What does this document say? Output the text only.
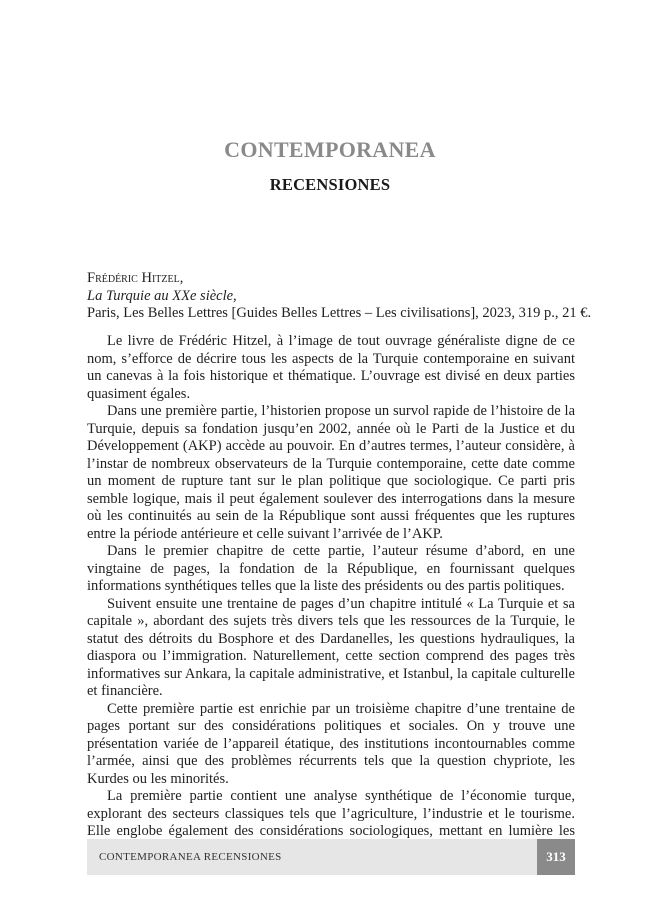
CONTEMPORANEA
RECENSIONES
Frédéric Hitzel,
La Turquie au XXe siècle,
Paris, Les Belles Lettres [Guides Belles Lettres – Les civilisations], 2023, 319 p., 21 €.

Le livre de Frédéric Hitzel, à l’image de tout ouvrage généraliste digne de ce nom, s’efforce de décrire tous les aspects de la Turquie contemporaine en suivant un canevas à la fois historique et thématique. L’ouvrage est divisé en deux parties quasiment égales.

Dans une première partie, l’historien propose un survol rapide de l’histoire de la Turquie, depuis sa fondation jusqu’en 2002, année où le Parti de la Justice et du Développement (AKP) accède au pouvoir. En d’autres termes, l’auteur considère, à l’instar de nombreux observateurs de la Turquie contemporaine, cette date comme un moment de rupture tant sur le plan politique que sociologique. Ce parti pris semble logique, mais il peut également soulever des interrogations dans la mesure où les continuités au sein de la République sont aussi fréquentes que les ruptures entre la période antérieure et celle suivant l’arrivée de l’AKP.

Dans le premier chapitre de cette partie, l’auteur résume d’abord, en une vingtaine de pages, la fondation de la République, en fournissant quelques informations synthétiques telles que la liste des présidents ou des partis politiques.

Suivent ensuite une trentaine de pages d’un chapitre intitulé « La Turquie et sa capitale », abordant des sujets très divers tels que les ressources de la Turquie, le statut des détroits du Bosphore et des Dardanelles, les questions hydrauliques, la diaspora ou l’immigration. Naturellement, cette section comprend des pages très informatives sur Ankara, la capitale administrative, et Istanbul, la capitale culturelle et financière.

Cette première partie est enrichie par un troisième chapitre d’une trentaine de pages portant sur des considérations politiques et sociales. On y trouve une présentation variée de l’appareil étatique, des institutions incontournables comme l’armée, ainsi que des problèmes récurrents tels que la question chypriote, les Kurdes ou les minorités.

La première partie contient une analyse synthétique de l’économie turque, explorant des secteurs classiques tels que l’agriculture, l’industrie et le tourisme. Elle englobe également des considérations sociologiques, mettant en lumière les

CONTEMPORANEA RECENSIONES	313
